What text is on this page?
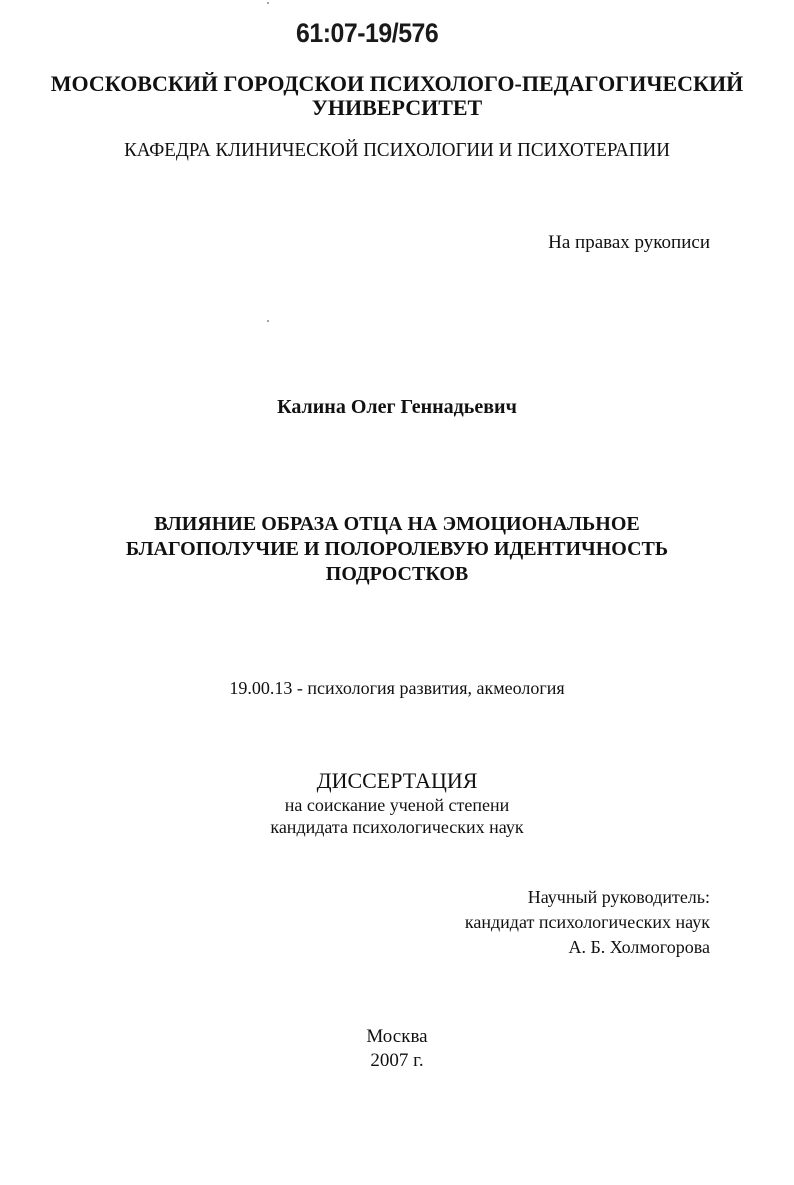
61:07-19/576
МОСКОВСКИЙ ГОРОДСКОИ ПСИХОЛОГО-ПЕДАГОГИЧЕСКИЙ
УНИВЕРСИТЕТ
КАФЕДРА КЛИНИЧЕСКОЙ ПСИХОЛОГИИ И ПСИХОТЕРАПИИ
На правах рукописи
Калина Олег Геннадьевич
ВЛИЯНИЕ ОБРАЗА ОТЦА НА ЭМОЦИОНАЛЬНОЕ
БЛАГОПОЛУЧИЕ И ПОЛОРОЛЕВУЮ ИДЕНТИЧНОСТЬ
ПОДРОСТКОВ
19.00.13 - психология развития, акмеология
ДИССЕРТАЦИЯ
на соискание ученой степени
кандидата психологических наук
Научный руководитель:
кандидат психологических наук
А. Б. Холмогорова
Москва
2007 г.
